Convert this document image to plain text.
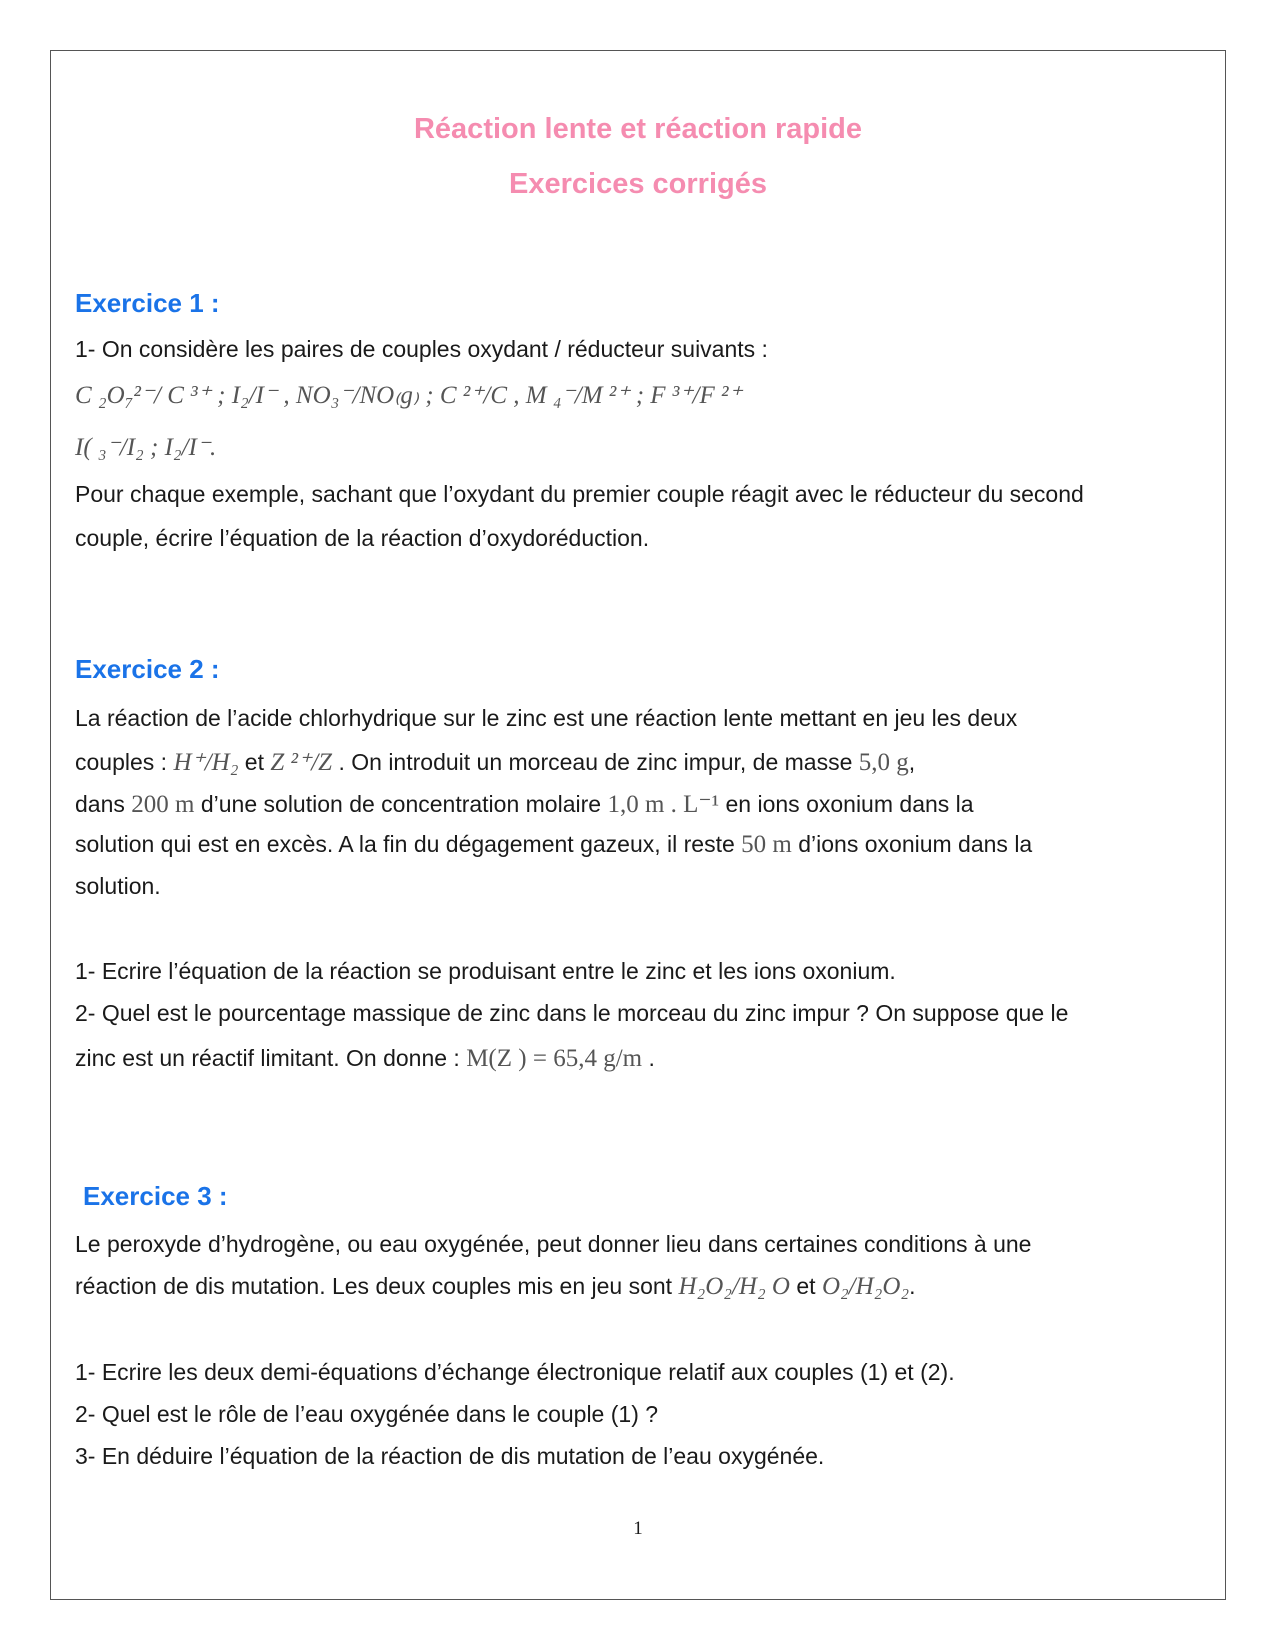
Réaction lente et réaction rapide
Exercices corrigés
Exercice 1 :
1- On considère les paires de couples oxydant / réducteur suivants :
C ₂O₇²⁻/ C ³⁺ ; I₂/I⁻ , NO₃⁻/NO₍g₎ ; C ²⁺/C , M ₄⁻/M ²⁺ ; F ³⁺/F ²⁺
I( ₃⁻/I₂ ; I₂/I⁻.
Pour chaque exemple, sachant que l’oxydant du premier couple réagit avec le réducteur du second
couple, écrire l’équation de la réaction d’oxydoréduction.
Exercice 2 :
La réaction de l’acide chlorhydrique sur le zinc est une réaction lente mettant en jeu les deux
couples : H⁺/H₂ et Z ²⁺/Z . On introduit un morceau de zinc impur, de masse 5,0 g,
dans 200 m d’une solution de concentration molaire 1,0 m . L⁻¹ en ions oxonium dans la
solution qui est en excès. A la fin du dégagement gazeux, il reste 50 m d’ions oxonium dans la
solution.
1- Ecrire l’équation de la réaction se produisant entre le zinc et les ions oxonium.
2- Quel est le pourcentage massique de zinc dans le morceau du zinc impur ? On suppose que le
zinc est un réactif limitant. On donne : M(Z ) = 65,4 g/m .
Exercice 3 :
Le peroxyde d’hydrogène, ou eau oxygénée, peut donner lieu dans certaines conditions à une
réaction de dis mutation. Les deux couples mis en jeu sont H₂O₂/H₂ O et O₂/H₂O₂.
1- Ecrire les deux demi-équations d’échange électronique relatif aux couples (1) et (2).
2- Quel est le rôle de l’eau oxygénée dans le couple (1) ?
3- En déduire l’équation de la réaction de dis mutation de l’eau oxygénée.
1
